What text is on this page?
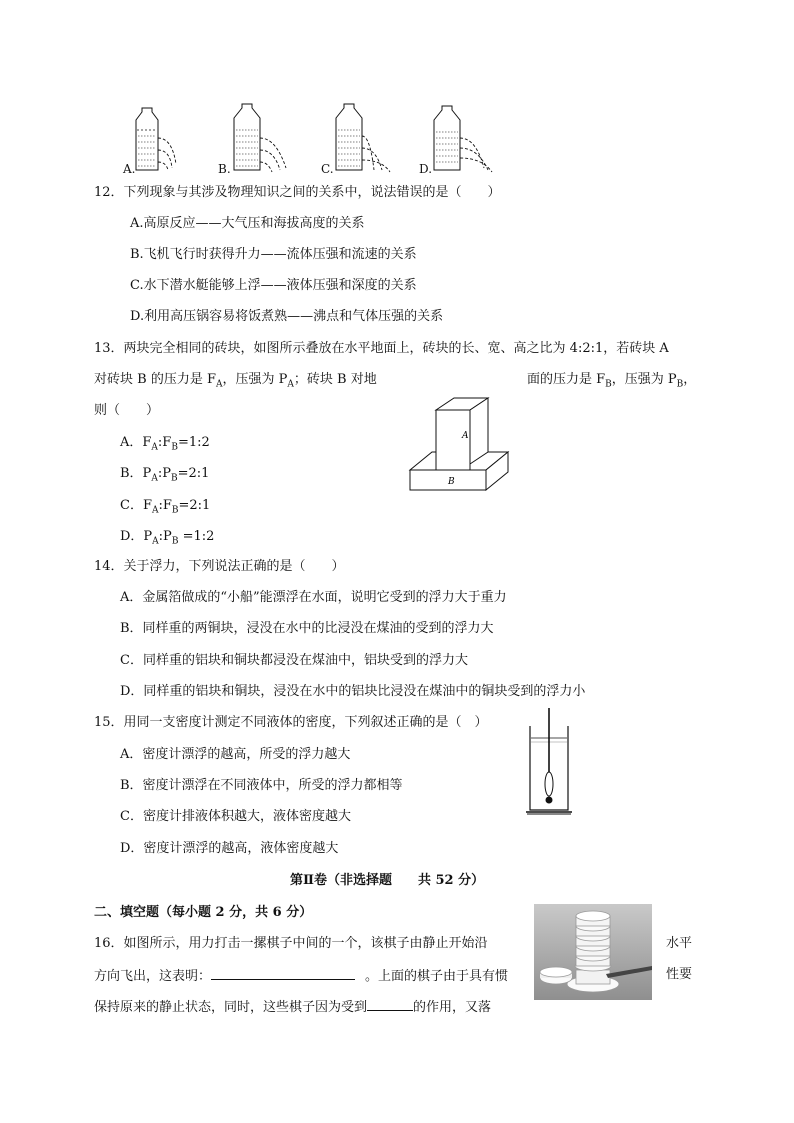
A.	B.	C.	D.
12．下列现象与其涉及物理知识之间的关系中，说法错误的是（　　）
A.高原反应——大气压和海拔高度的关系
B.飞机飞行时获得升力——流体压强和流速的关系
C.水下潜水艇能够上浮——液体压强和深度的关系
D.利用高压锅容易将饭煮熟——沸点和气体压强的关系
13．两块完全相同的砖块，如图所示叠放在水平地面上，砖块的长、宽、高之比为 4:2:1，若砖块 A
对砖块 B 的压力是 $F_A$，压强为 $P_A$；砖块 B 对地	面的压力是 $F_B$，压强为 $P_B$，
则（　　）
A．$F_A:F_B=1:2$
B．$P_A:P_B=2:1$
C．$F_A:F_B=2:1$
D．$P_A:P_B$ =1:2
A
B
14．关于浮力，下列说法正确的是（　　）
A．金属箔做成的“小船”能漂浮在水面，说明它受到的浮力大于重力
B．同样重的两铜块，浸没在水中的比浸没在煤油的受到的浮力大
C．同样重的铝块和铜块都浸没在煤油中，铝块受到的浮力大
D．同样重的铝块和铜块，浸没在水中的铝块比浸没在煤油中的铜块受到的浮力小
15．用同一支密度计测定不同液体的密度，下列叙述正确的是（　）
A．密度计漂浮的越高，所受的浮力越大
B．密度计漂浮在不同液体中，所受的浮力都相等
C．密度计排液体积越大，液体密度越大
D．密度计漂浮的越高，液体密度越大
第Ⅱ卷（非选择题　　共 52 分）
二、填空题（每小题 2 分，共 6 分）
16．如图所示，用力打击一摞棋子中间的一个，该棋子由静止开始沿	水平
方向飞出，这表明：	。上面的棋子由于具有惯	性要
保持原来的静止状态，同时，这些棋子因为受到	的作用，又落
